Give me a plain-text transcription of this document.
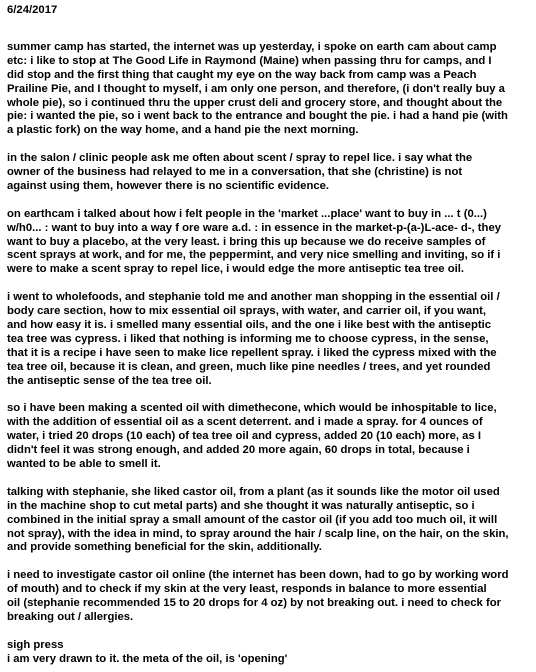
6/24/2017
summer camp has started, the internet was up yesterday, i spoke on earth cam about camp
etc: i like to stop at The Good Life in Raymond (Maine) when passing thru for camps, and I
did stop and the first thing that caught my eye on the way back from camp was a Peach
Prailine Pie, and I thought to myself, i am only one person, and therefore, (i don't really buy a
whole pie), so i continued thru the upper crust deli and grocery store, and thought about the
pie: i wanted the pie, so i went back to the entrance and bought the pie. i had a hand pie (with
a plastic fork) on the way home, and a hand pie the next morning.
in the salon / clinic people ask me often about scent / spray to repel lice. i say what the
owner of the business had relayed to me in a conversation, that she (christine) is not
against using them, however there is no scientific evidence.
on earthcam i talked about how i felt people in the 'market ...place' want to buy in ... t (0...)
w/h0... : want to buy into a way f ore ware a.d. : in essence in the market-p-(a-)L-ace- d-, they
want to buy a placebo, at the very least. i bring this up because we do receive samples of
scent sprays at work, and for me, the peppermint, and very nice smelling and inviting, so if i
were to make a scent spray to repel lice, i would edge the more antiseptic tea tree oil.
i went to wholefoods, and stephanie told me and another man shopping in the essential oil /
body care section, how to mix essential oil sprays, with water, and carrier oil, if you want,
and how easy it is. i smelled many essential oils, and the one i like best with the antiseptic
tea tree was cypress. i liked that nothing is informing me to choose cypress, in the sense,
that it is a recipe i have seen to make lice repellent spray. i liked the cypress mixed with the
tea tree oil, because it is clean, and green, much like pine needles / trees, and yet rounded
the antiseptic sense of the tea tree oil.
so i have been making a scented oil with dimethecone, which would be inhospitable to lice,
with the addition of essential oil as a scent deterrent. and i made a spray. for 4 ounces of
water, i tried 20 drops (10 each) of tea tree oil and cypress, added 20 (10 each) more, as I
didn't feel it was strong enough, and added 20 more again, 60 drops in total, because i
wanted to be able to smell it.
talking with stephanie, she liked castor oil, from a plant (as it sounds like the motor oil used
in the machine shop to cut metal parts) and she thought it was naturally antiseptic, so i
combined in the initial spray a small amount of the castor oil (if you add too much oil, it will
not spray), with the idea in mind, to spray around the hair / scalp line, on the hair, on the skin,
and provide something beneficial for the skin, additionally.
i need to investigate castor oil online (the internet has been down, had to go by working word
of mouth) and to check if my skin at the very least, responds in balance to more essential
oil (stephanie recommended 15 to 20 drops for 4 oz) by not breaking out. i need to check for
breaking out / allergies.
sigh press
i am very drawn to it. the meta of the oil, is 'opening'
